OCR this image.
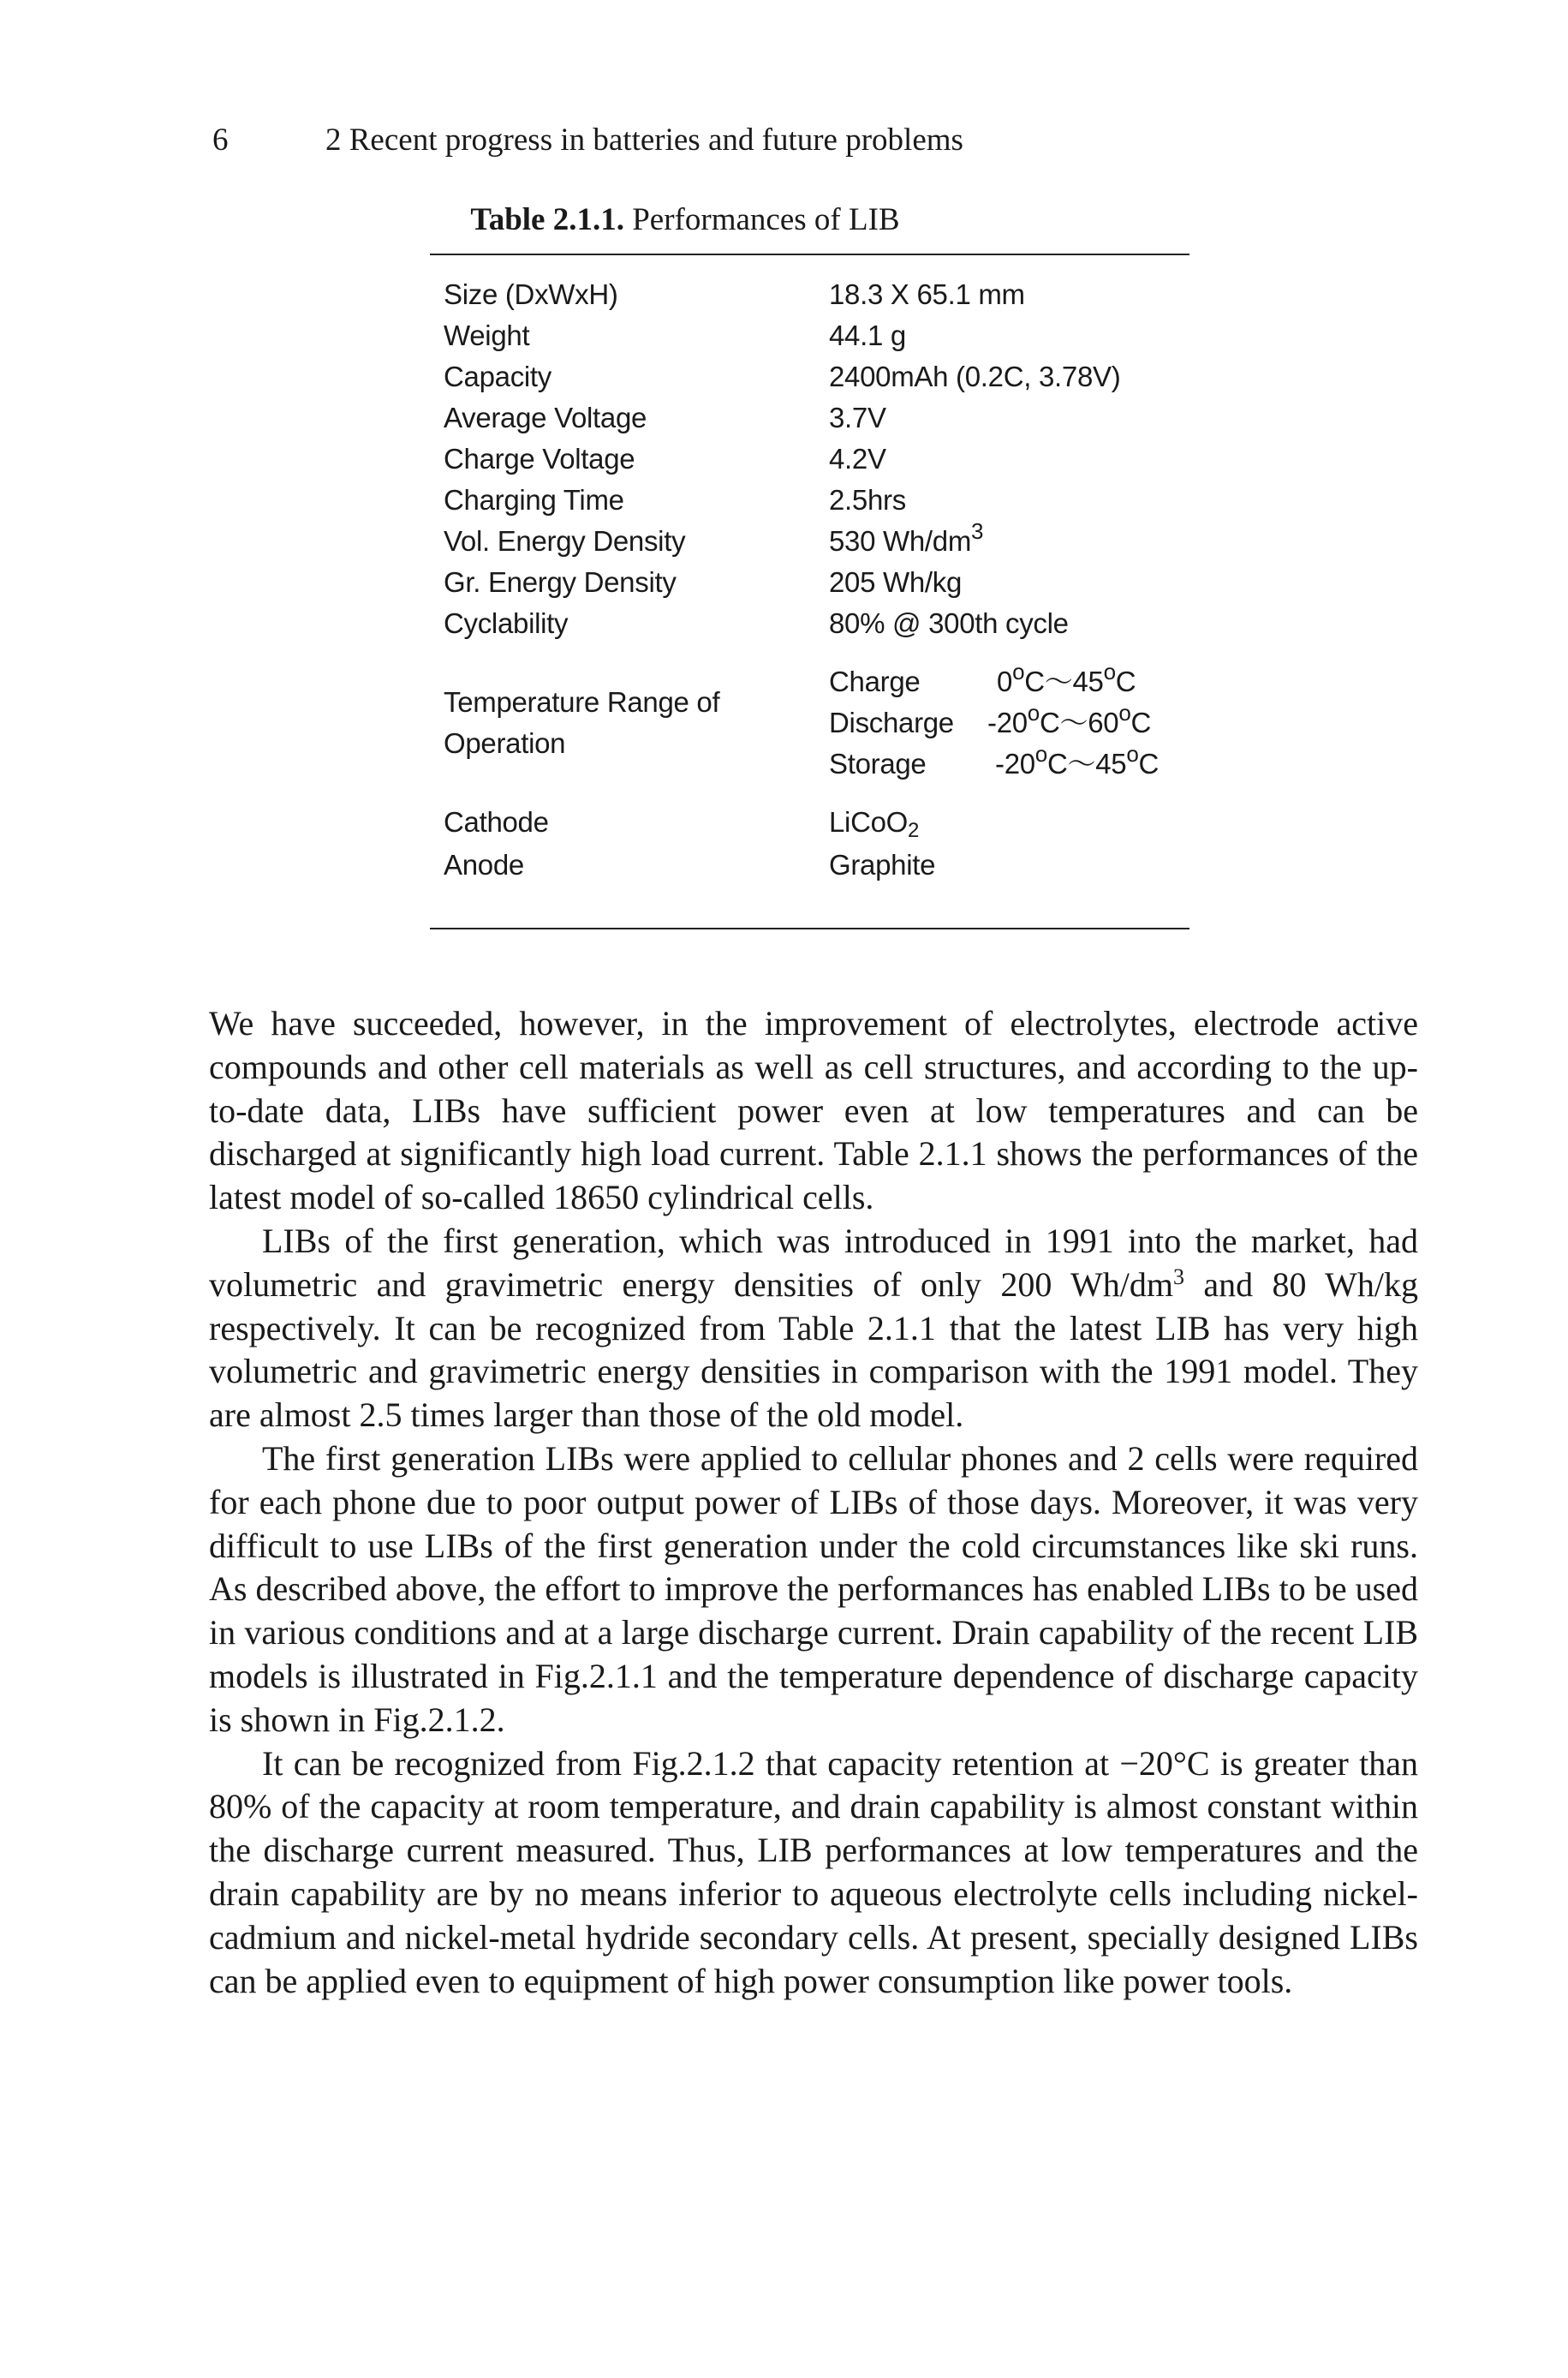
6	2 Recent progress in batteries and future problems
Table 2.1.1. Performances of LIB
Size (DxWxH)	18.3 X 65.1 mm
Weight	44.1 g
Capacity	2400mAh (0.2C, 3.78V)
Average Voltage	3.7V
Charge Voltage	4.2V
Charging Time	2.5hrs
Vol. Energy Density	530 $Wh/dm^3$
Gr. Energy Density	205 Wh/kg
Cyclability	80% @ 300th cycle
Temperature Range of Operation
Charge	0$^o$C～45$^o$C
Discharge -20$^o$C～60$^o$C
Storage -20$^o$C～45$^o$C
Cathode	LiCoO$_2$
Anode	Graphite

We have succeeded, however, in the improvement of electrolytes, electrode active compounds and other cell materials as well as cell structures, and according to the up-to-date data, LIBs have sufficient power even at low temperatures and can be discharged at significantly high load current. Table 2.1.1 shows the performances of the latest model of so-called 18650 cylindrical cells.

LIBs of the first generation, which was introduced in 1991 into the market, had volumetric and gravimetric energy densities of only 200 $Wh/dm^3$ and 80 Wh/kg respectively. It can be recognized from Table 2.1.1 that the latest LIB has very high volumetric and gravimetric energy densities in comparison with the 1991 model. They are almost 2.5 times larger than those of the old model.

The first generation LIBs were applied to cellular phones and 2 cells were required for each phone due to poor output power of LIBs of those days. Moreover, it was very difficult to use LIBs of the first generation under the cold circumstances like ski runs. As described above, the effort to improve the performances has enabled LIBs to be used in various conditions and at a large discharge current. Drain capability of the recent LIB models is illustrated in Fig.2.1.1 and the temperature dependence of discharge capacity is shown in Fig.2.1.2.

It can be recognized from Fig.2.1.2 that capacity retention at −20°C is greater than 80% of the capacity at room temperature, and drain capability is almost constant within the discharge current measured. Thus, LIB performances at low temperatures and the drain capability are by no means inferior to aqueous electrolyte cells including nickel-cadmium and nickel-metal hydride secondary cells. At present, specially designed LIBs can be applied even to equipment of high power consumption like power tools.
